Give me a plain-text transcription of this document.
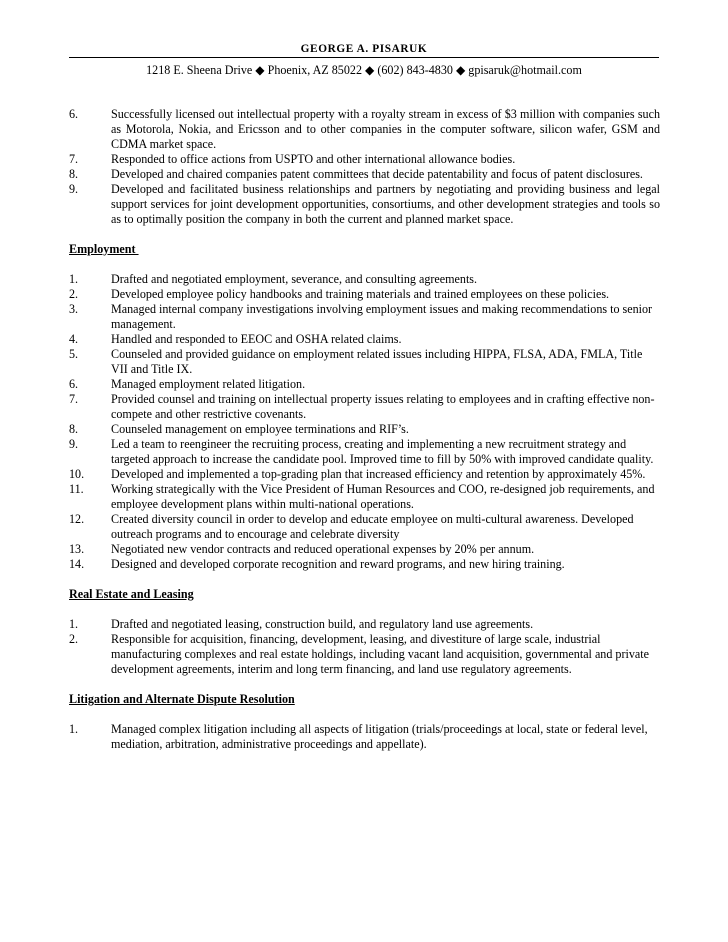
GEORGE A. PISARUK
1218 E. Sheena Drive ◆ Phoenix, AZ 85022 ◆ (602) 843-4830 ◆ gpisaruk@hotmail.com
6.	Successfully licensed out intellectual property with a royalty stream in excess of $3 million with companies such as Motorola, Nokia, and Ericsson and to other companies in the computer software, silicon wafer, GSM and CDMA market space.
7.	Responded to office actions from USPTO and other international allowance bodies.
8.	Developed and chaired companies patent committees that decide patentability and focus of patent disclosures.
9.	Developed and facilitated business relationships and partners by negotiating and providing business and legal support services for joint development opportunities, consortiums, and other development strategies and tools so as to optimally position the company in both the current and planned market space.
Employment
1.	Drafted and negotiated employment, severance, and consulting agreements.
2.	Developed employee policy handbooks and training materials and trained employees on these policies.
3.	Managed internal company investigations involving employment issues and making recommendations to senior management.
4.	Handled and responded to EEOC and OSHA related claims.
5.	Counseled and provided guidance on employment related issues including HIPPA, FLSA, ADA, FMLA, Title VII and Title IX.
6.	Managed employment related litigation.
7.	Provided counsel and training on intellectual property issues relating to employees and in crafting effective non-compete and other restrictive covenants.
8.	Counseled management on employee terminations and RIF’s.
9.	Led a team to reengineer the recruiting process, creating and implementing a new recruitment strategy and targeted approach to increase the candidate pool. Improved time to fill by 50% with improved candidate quality.
10.	Developed and implemented a top-grading plan that increased efficiency and retention by approximately 45%.
11.	Working strategically with the Vice President of Human Resources and COO, re-designed job requirements, and employee development plans within multi-national operations.
12.	Created diversity council in order to develop and educate employee on multi-cultural awareness. Developed outreach programs and to encourage and celebrate diversity
13.	Negotiated new vendor contracts and reduced operational expenses by 20% per annum.
14.	Designed and developed corporate recognition and reward programs, and new hiring training.
Real Estate and Leasing
1.	Drafted and negotiated leasing, construction build, and regulatory land use agreements.
2.	Responsible for acquisition, financing, development, leasing, and divestiture of large scale, industrial manufacturing complexes and real estate holdings, including vacant land acquisition, governmental and private development agreements, interim and long term financing, and land use regulatory agreements.
Litigation and Alternate Dispute Resolution
1.	Managed complex litigation including all aspects of litigation (trials/proceedings at local, state or federal level, mediation, arbitration, administrative proceedings and appellate).
